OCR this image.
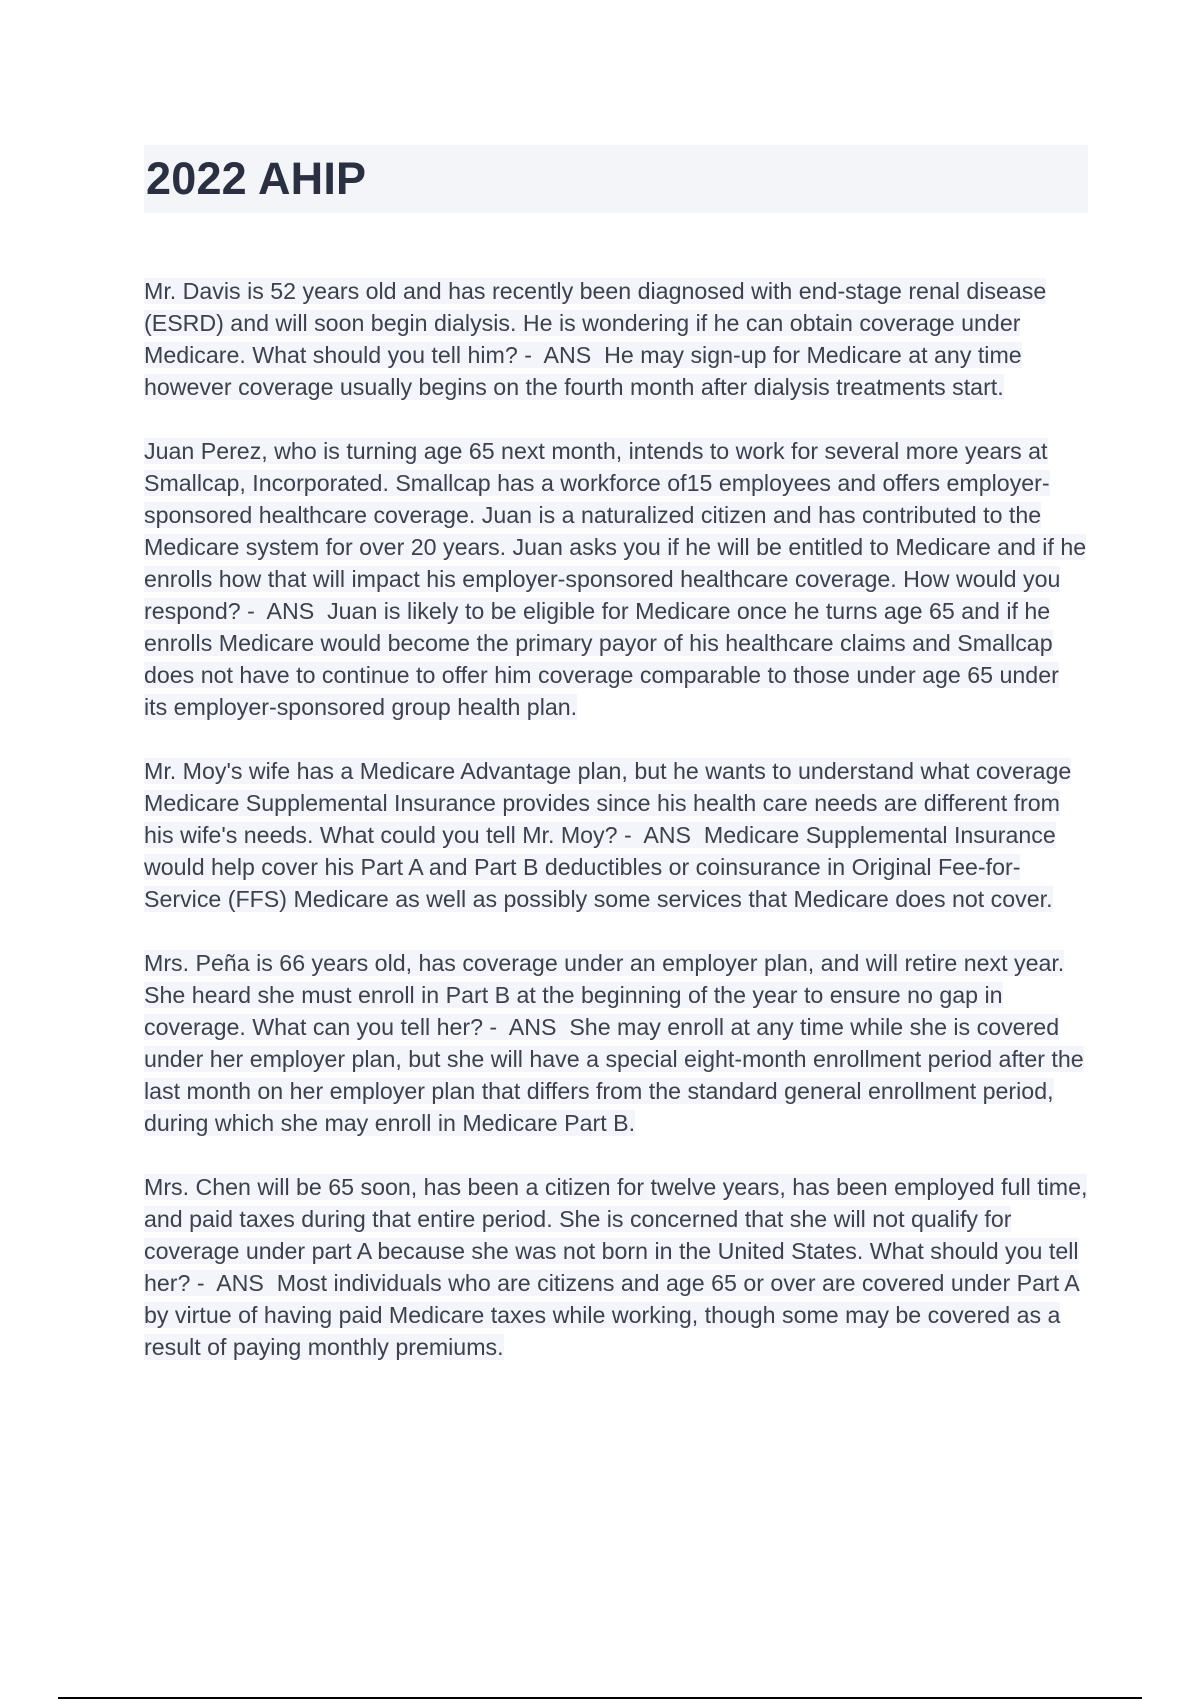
2022 AHIP

Mr. Davis is 52 years old and has recently been diagnosed with end-stage renal disease (ESRD) and will soon begin dialysis. He is wondering if he can obtain coverage under Medicare. What should you tell him? -  ANS He may sign-up for Medicare at any time however coverage usually begins on the fourth month after dialysis treatments start.

Juan Perez, who is turning age 65 next month, intends to work for several more years at Smallcap, Incorporated. Smallcap has a workforce of15 employees and offers employer-sponsored healthcare coverage. Juan is a naturalized citizen and has contributed to the Medicare system for over 20 years. Juan asks you if he will be entitled to Medicare and if he enrolls how that will impact his employer-sponsored healthcare coverage. How would you respond? -  ANS Juan is likely to be eligible for Medicare once he turns age 65 and if he enrolls Medicare would become the primary payor of his healthcare claims and Smallcap does not have to continue to offer him coverage comparable to those under age 65 under its employer-sponsored group health plan.

Mr. Moy's wife has a Medicare Advantage plan, but he wants to understand what coverage Medicare Supplemental Insurance provides since his health care needs are different from his wife's needs. What could you tell Mr. Moy? -  ANS Medicare Supplemental Insurance would help cover his Part A and Part B deductibles or coinsurance in Original Fee-for-Service (FFS) Medicare as well as possibly some services that Medicare does not cover.

Mrs. Peña is 66 years old, has coverage under an employer plan, and will retire next year. She heard she must enroll in Part B at the beginning of the year to ensure no gap in coverage. What can you tell her? -  ANS She may enroll at any time while she is covered under her employer plan, but she will have a special eight-month enrollment period after the last month on her employer plan that differs from the standard general enrollment period, during which she may enroll in Medicare Part B.

Mrs. Chen will be 65 soon, has been a citizen for twelve years, has been employed full time, and paid taxes during that entire period. She is concerned that she will not qualify for coverage under part A because she was not born in the United States. What should you tell her? -  ANS Most individuals who are citizens and age 65 or over are covered under Part A by virtue of having paid Medicare taxes while working, though some may be covered as a result of paying monthly premiums.
